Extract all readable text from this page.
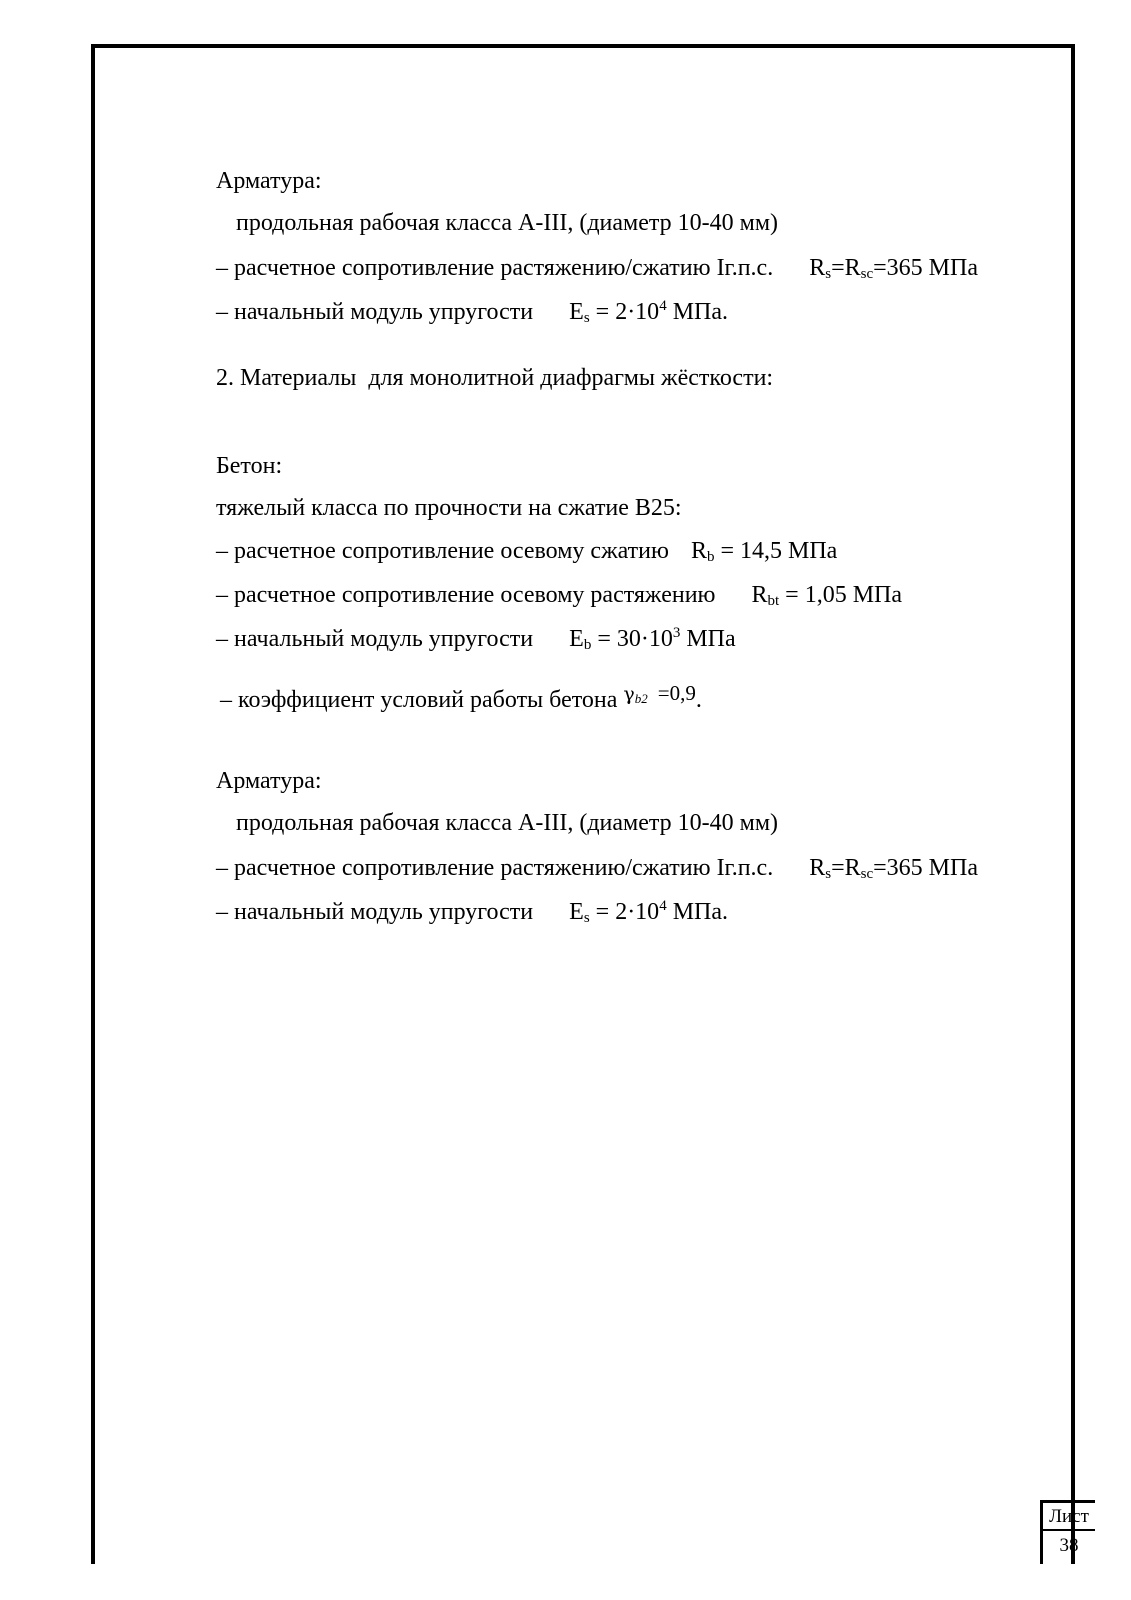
Арматура:

продольная рабочая класса А-III, (диаметр 10-40 мм)

– расчетное сопротивление растяжению/сжатию Iг.п.с. $R_s=R_{sc}=365$ МПа

– начальный модуль упругости $E_s = 2\cdot 10^4$ МПа.

2. Материалы  для монолитной диафрагмы жёсткости:

Бетон:

тяжелый класса по прочности на сжатие В25:

– расчетное сопротивление осевому сжатию $R_b = 14,5$ МПа

– расчетное сопротивление осевому растяжению $R_{bt} = 1,05$ МПа

– начальный модуль упругости $E_b = 30\cdot 10^3$ МПа

– коэффициент условий работы бетона $^\gamma$b2 =0,9.

Арматура:

продольная рабочая класса А-III, (диаметр 10-40 мм)

– расчетное сопротивление растяжению/сжатию Iг.п.с. $R_s=R_{sc}=365$ МПа

– начальный модуль упругости $E_s = 2\cdot 10^4$ МПа.

Лист
38
